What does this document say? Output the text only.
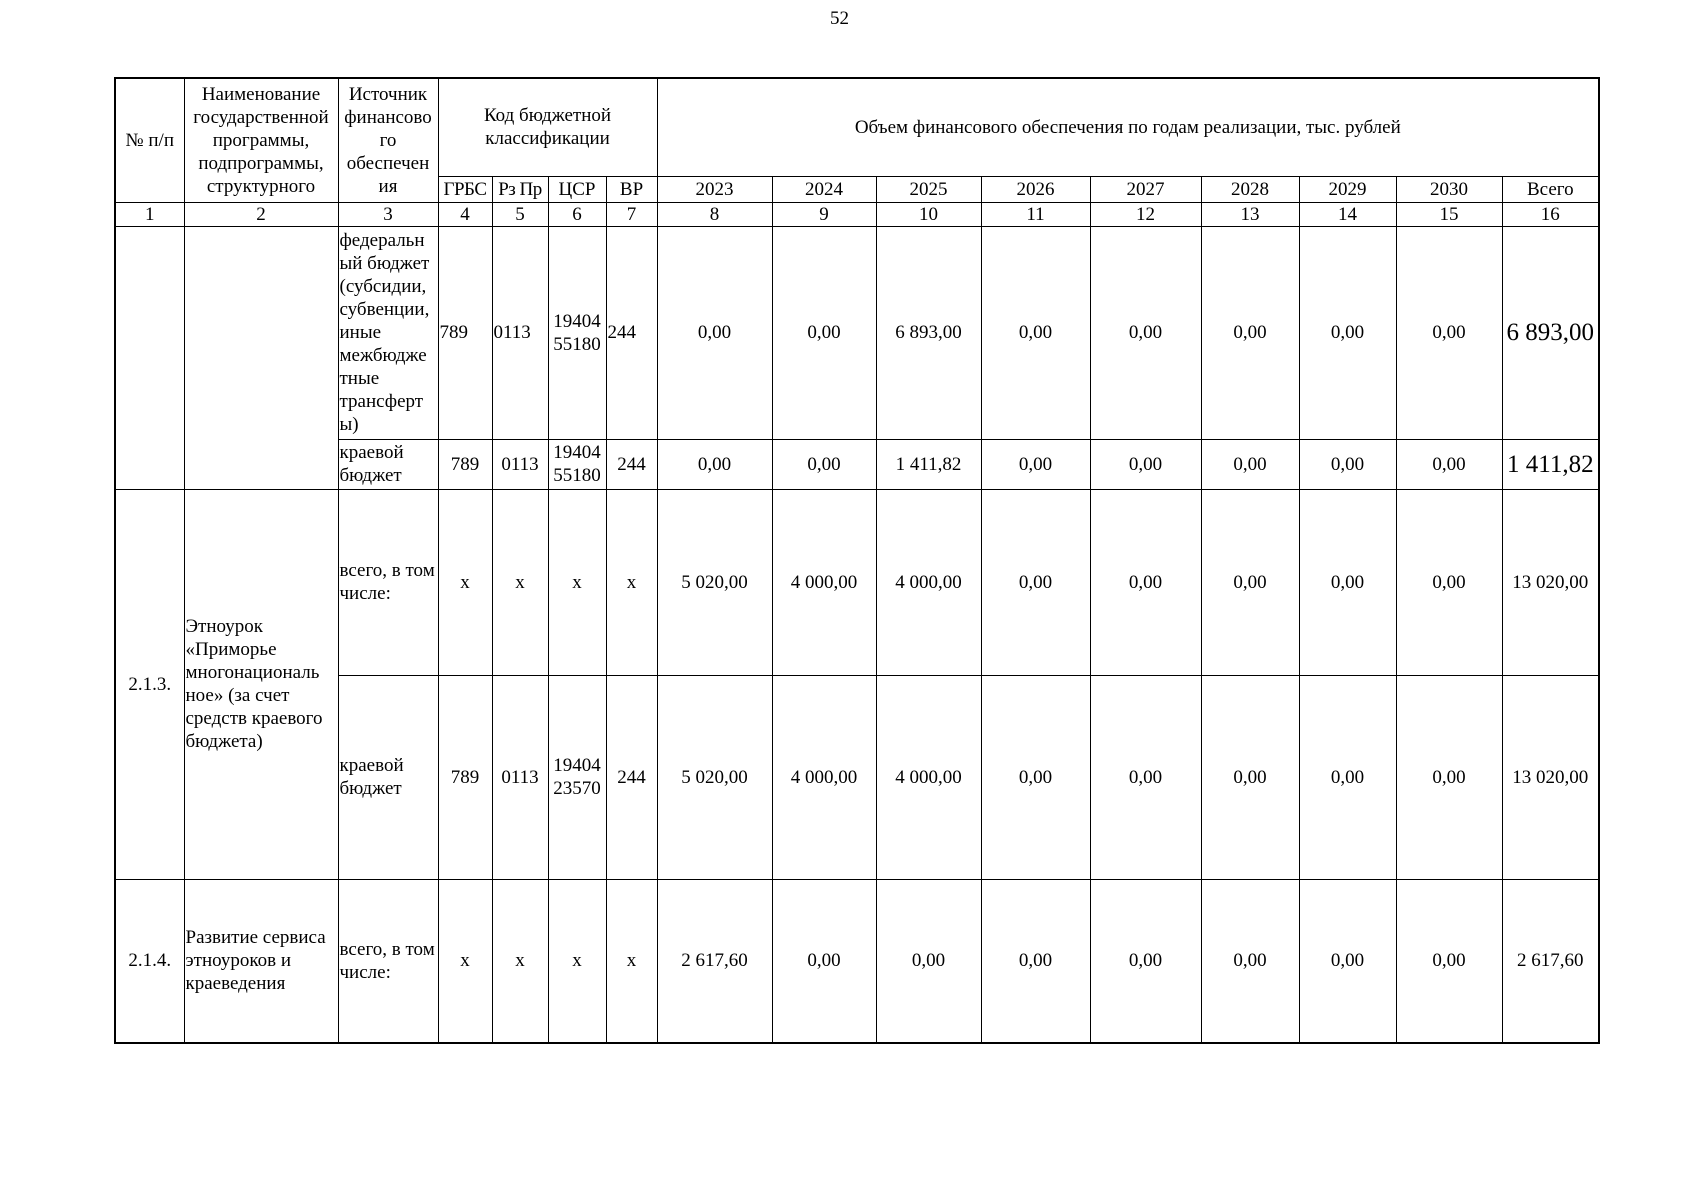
52
№ п/п	Наименование государственной программы, подпрограммы, структурного	Источник финансово го обеспечен ия	Код бюджетной классификации				Объем финансового обеспечения по годам реализации, тыс. рублей								
			ГРБС	Рз Пр	ЦСР	ВР	2023	2024	2025	2026	2027	2028	2029	2030	Всего
1	2	3	4	5	6	7	8	9	10	11	12	13	14	15	16
		федеральн ый бюджет (субсидии, субвенции, иные межбюдже тные трансферт ы)	789	0113	19404 55180	244	0,00	0,00	6 893,00	0,00	0,00	0,00	0,00	0,00	6 893,00
		краевой бюджет	789	0113	19404 55180	244	0,00	0,00	1 411,82	0,00	0,00	0,00	0,00	0,00	1 411,82
2.1.3.	Этноурок «Приморье многонациональ ное» (за счет средств краевого бюджета)	всего, в том числе:	х	х	х	х	5 020,00	4 000,00	4 000,00	0,00	0,00	0,00	0,00	0,00	13 020,00
		краевой бюджет	789	0113	19404 23570	244	5 020,00	4 000,00	4 000,00	0,00	0,00	0,00	0,00	0,00	13 020,00
2.1.4.	Развитие сервиса этноуроков и краеведения	всего, в том числе:	х	х	х	х	2 617,60	0,00	0,00	0,00	0,00	0,00	0,00	0,00	2 617,60
